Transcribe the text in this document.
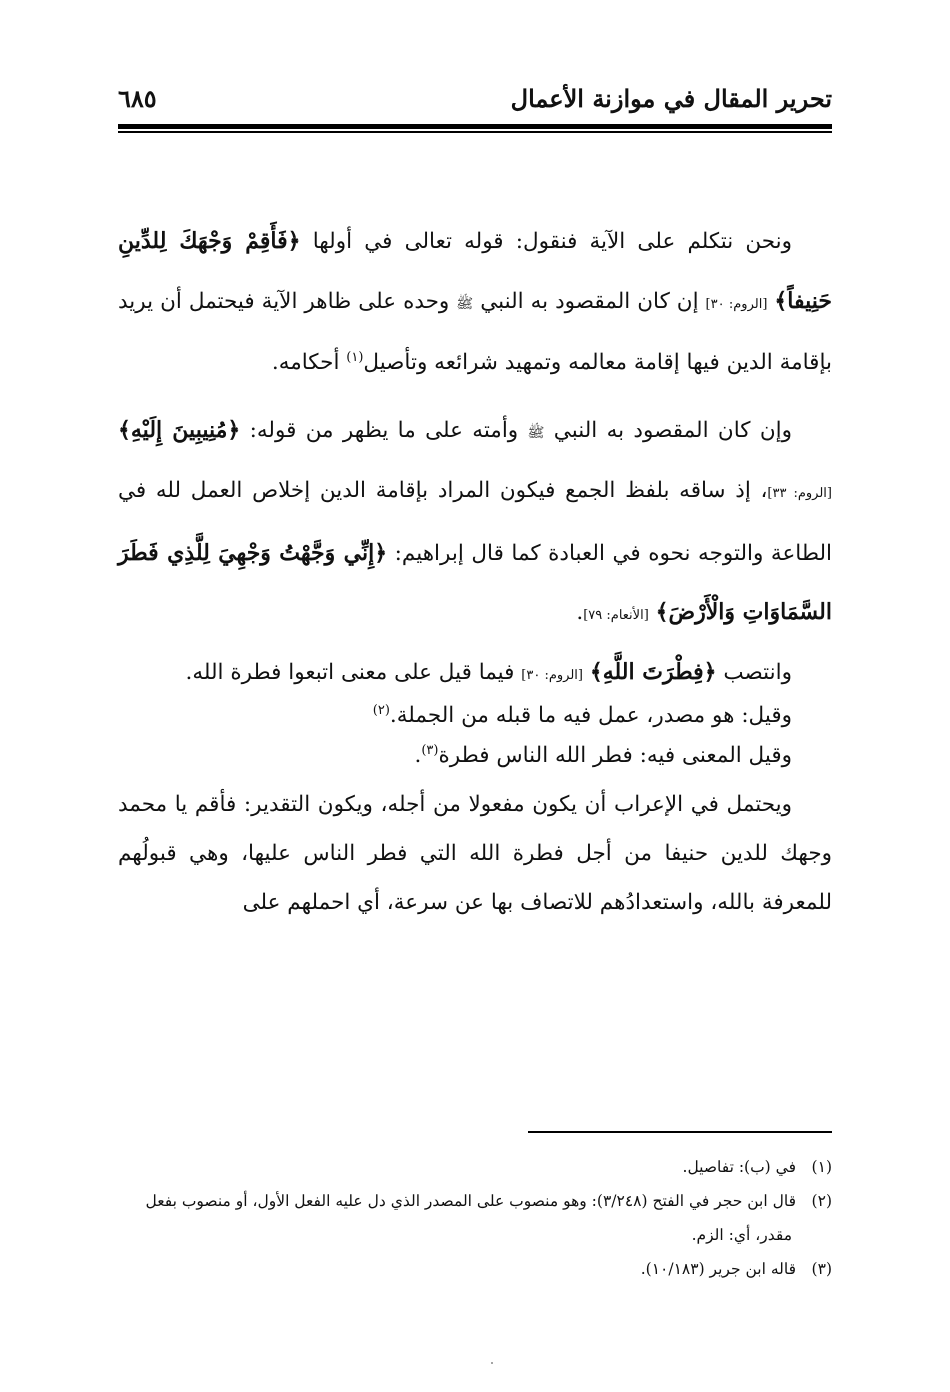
تحرير المقال في موازنة الأعمال
٦٨٥

ونحن نتكلم على الآية فنقول: قوله تعالى في أولها ﴿فَأَقِمْ وَجْهَكَ لِلدِّينِ حَنِيفاً﴾ [الروم: ٣٠] إن كان المقصود به النبي ﷺ وحده على ظاهر الآية فيحتمل أن يريد بإقامة الدين فيها إقامة معالمه وتمهيد شرائعه وتأصيل$^{(١)}$ أحكامه.

وإن كان المقصود به النبي ﷺ وأمته على ما يظهر من قوله: ﴿مُنِيبِينَ إِلَيْهِ﴾ [الروم: ٣٣]، إذ ساقه بلفظ الجمع فيكون المراد بإقامة الدين إخلاص العمل لله في الطاعة والتوجه نحوه في العبادة كما قال إبراهيم: ﴿إِنِّي وَجَّهْتُ وَجْهِيَ لِلَّذِي فَطَرَ السَّمَاوَاتِ وَالْأَرْضَ﴾ [الأنعام: ٧٩].

وانتصب ﴿فِطْرَتَ اللَّهِ﴾ [الروم: ٣٠] فيما قيل على معنى اتبعوا فطرة الله.

وقيل: هو مصدر، عمل فيه ما قبله من الجملة.$^{(٢)}$

وقيل المعنى فيه: فطر الله الناس فطرة$^{(٣)}$.

ويحتمل في الإعراب أن يكون مفعولا من أجله، ويكون التقدير: فأقم يا محمد وجهك للدين حنيفا من أجل فطرة الله التي فطر الناس عليها، وهي قبولُهم للمعرفة بالله، واستعدادُهم للاتصاف بها عن سرعة، أي احملهم على

(١)في (ب): تفاصيل.

(٢)قال ابن حجر في الفتح (٣/٢٤٨): وهو منصوب على المصدر الذي دل عليه الفعل الأول، أو منصوب بفعل مقدر، أي: الزم.

(٣)قاله ابن جرير (١٠/١٨٣).
